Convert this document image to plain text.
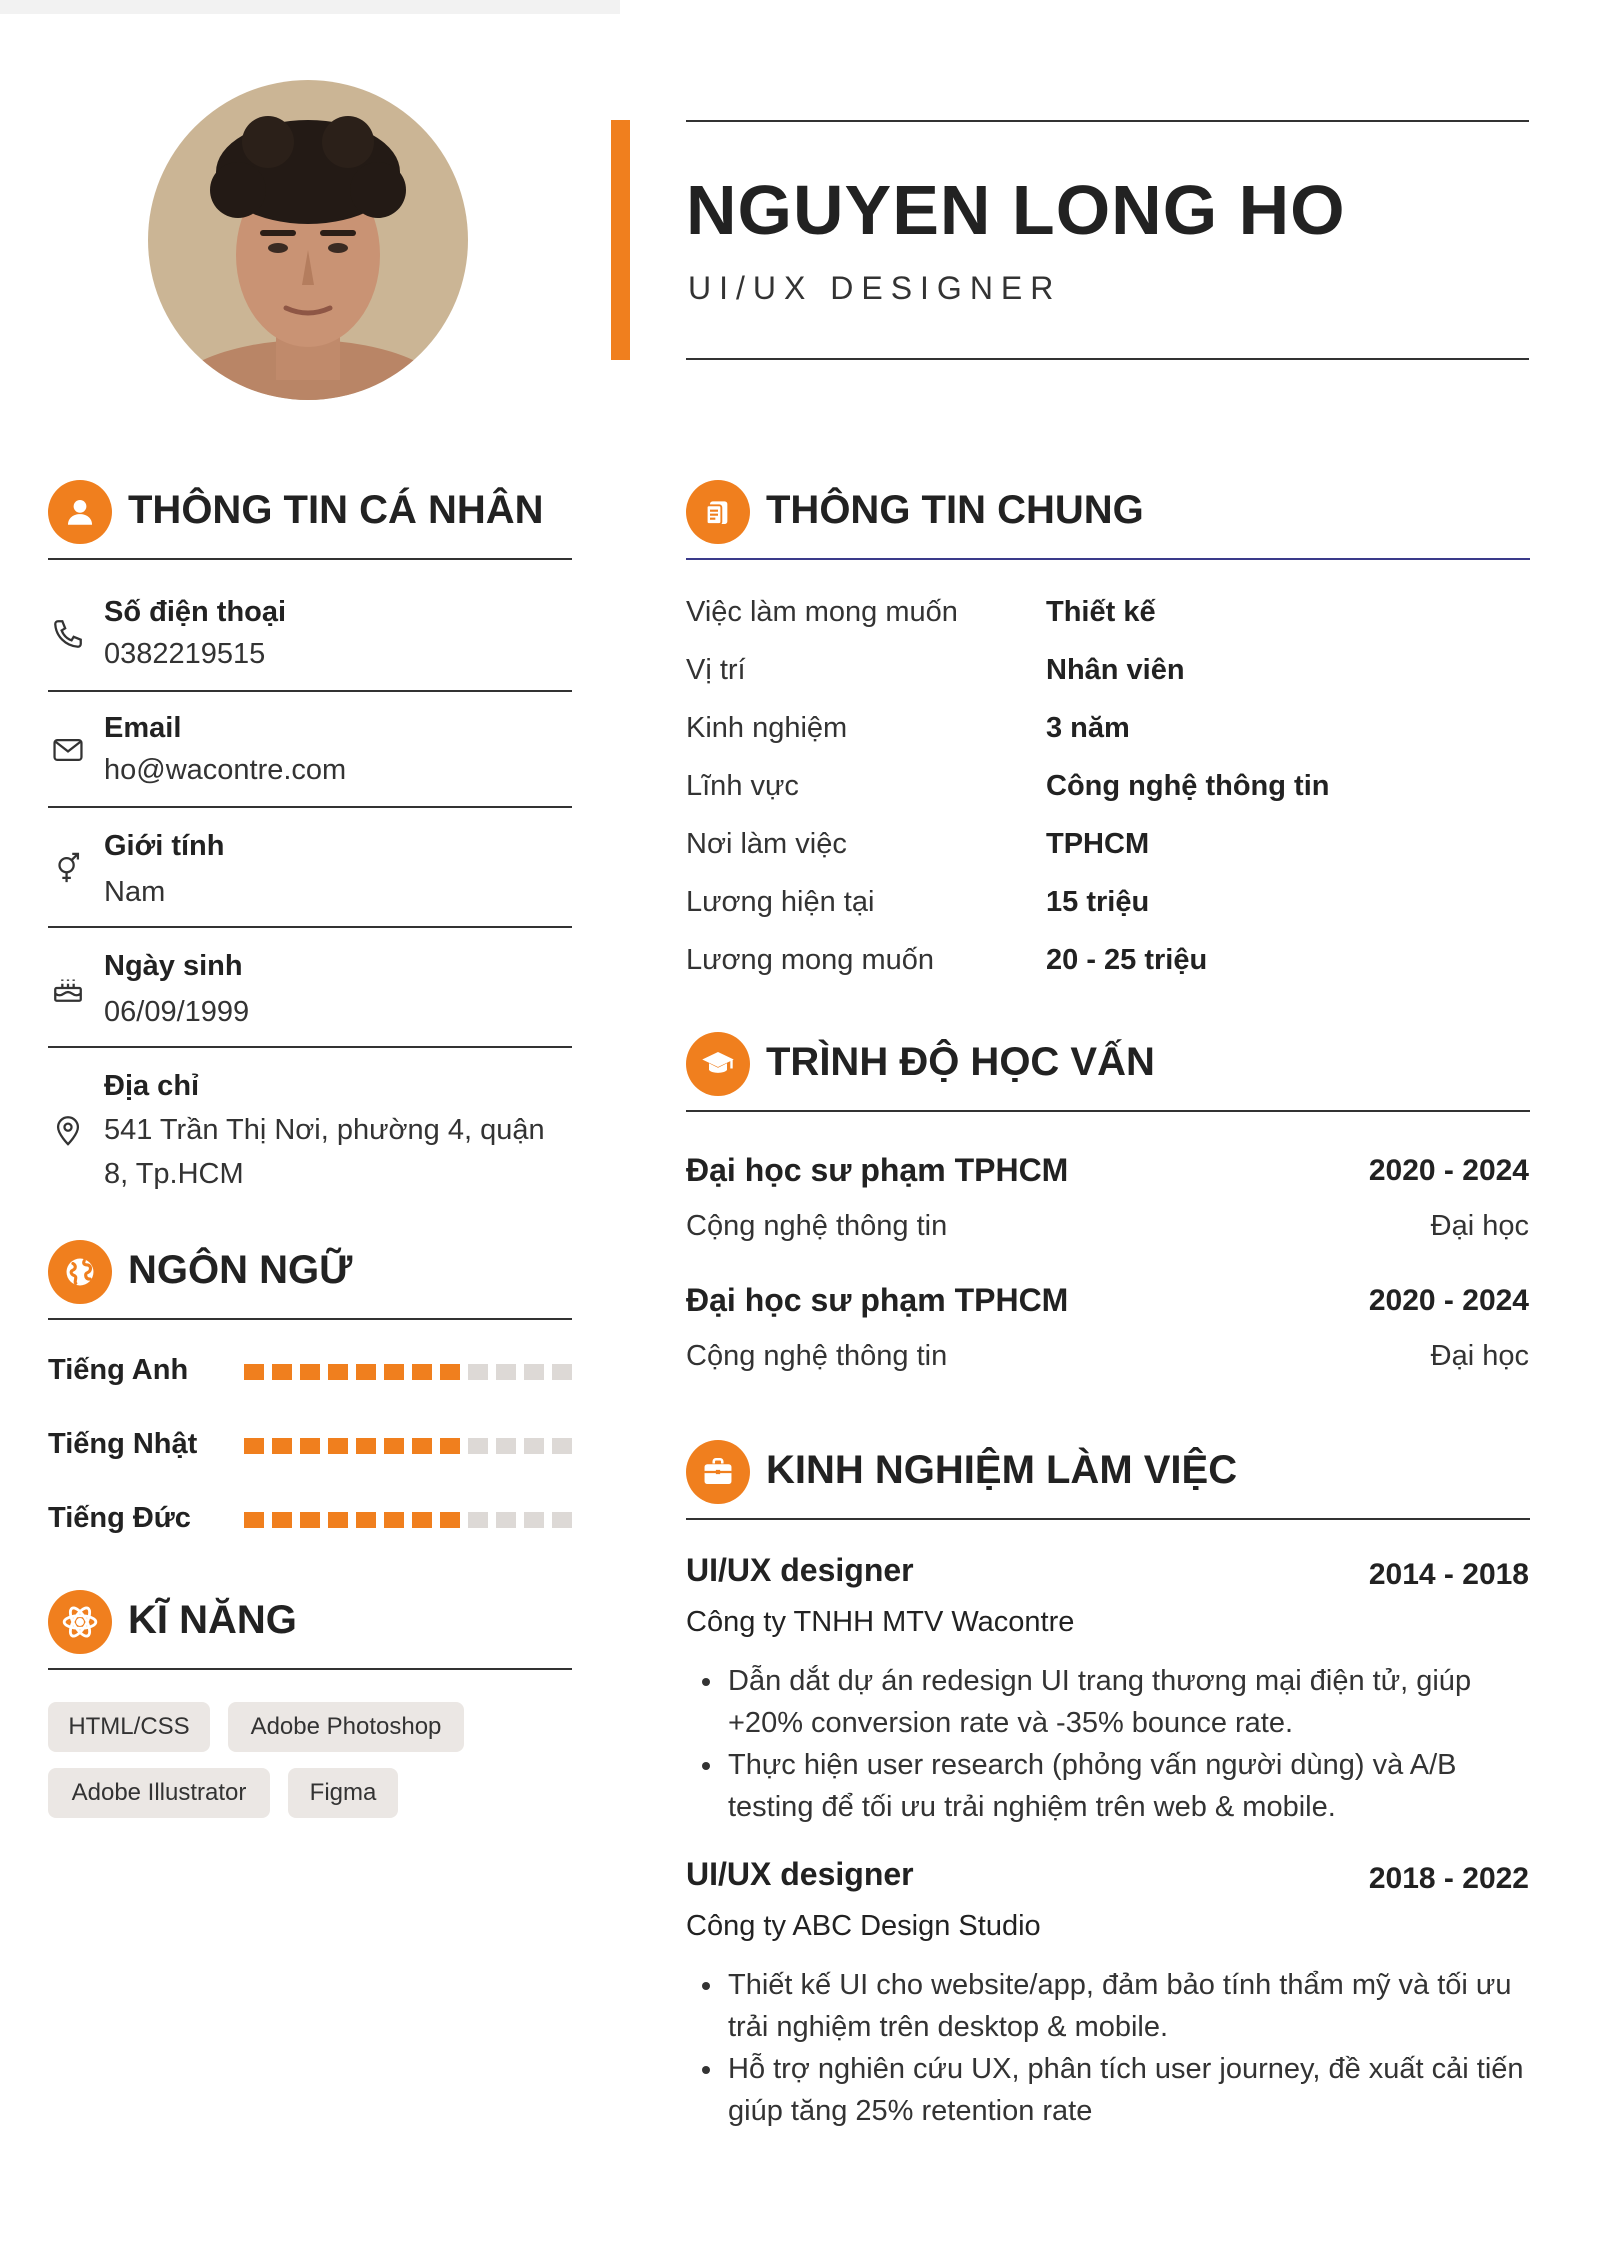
NGUYEN LONG HO
UI/UX DESIGNER
THÔNG TIN CÁ NHÂN
Số điện thoại
0382219515
Email
ho@wacontre.com
Giới tính
Nam
Ngày sinh
06/09/1999
Địa chỉ
541 Trần Thị Nơi, phường 4, quận 8, Tp.HCM
NGÔN NGỮ
Tiếng Anh
Tiếng Nhật
Tiếng Đức
KĨ NĂNG
HTML/CSS	Adobe Photoshop
Adobe Illustrator	Figma
THÔNG TIN CHUNG
Việc làm mong muốn	Thiết kế
Vị trí	Nhân viên
Kinh nghiệm	3 năm
Lĩnh vực	Công nghệ thông tin
Nơi làm việc	TPHCM
Lương hiện tại	15 triệu
Lương mong muốn	20 - 25 triệu
TRÌNH ĐỘ HỌC VẤN
Đại học sư phạm TPHCM	2020 - 2024
Cộng nghệ thông tin	Đại học
Đại học sư phạm TPHCM	2020 - 2024
Cộng nghệ thông tin	Đại học
KINH NGHIỆM LÀM VIỆC
UI/UX designer	2014 - 2018
Công ty TNHH MTV Wacontre
Dẫn dắt dự án redesign UI trang thương mại điện tử, giúp +20% conversion rate và -35% bounce rate.
Thực hiện user research (phỏng vấn người dùng) và A/B testing để tối ưu trải nghiệm trên web & mobile.
UI/UX designer	2018 - 2022
Công ty ABC Design Studio
Thiết kế UI cho website/app, đảm bảo tính thẩm mỹ và tối ưu trải nghiệm trên desktop & mobile.
Hỗ trợ nghiên cứu UX, phân tích user journey, đề xuất cải tiến giúp tăng 25% retention rate
